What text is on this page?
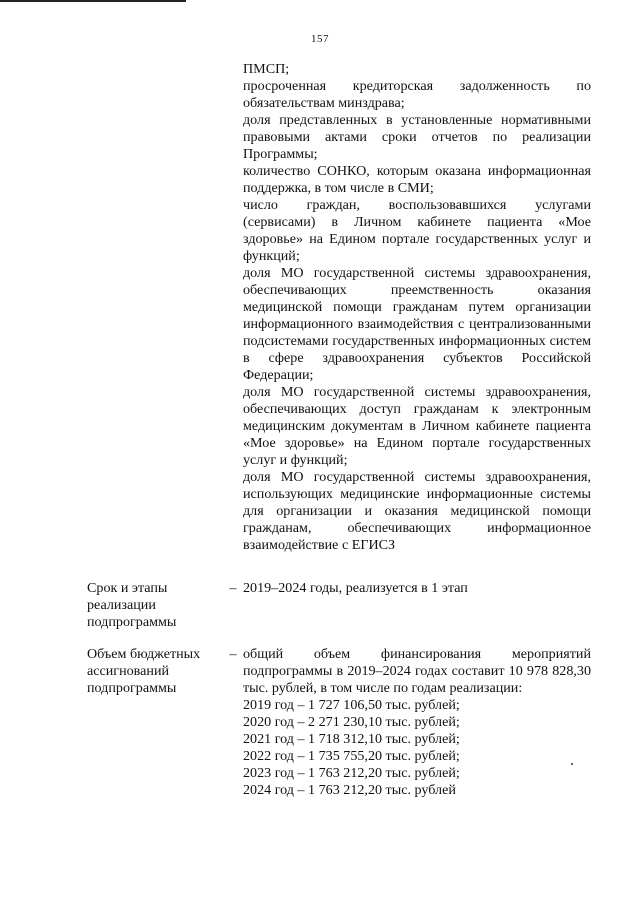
157

ПМСП;

просроченная кредиторская задолженность по обязательствам минздрава;

доля представленных в установленные нормативными правовыми актами сроки отчетов по реализации Программы;

количество СОНКО, которым оказана информационная поддержка, в том числе в СМИ;

число граждан, воспользовавшихся услугами (сервисами) в Личном кабинете пациента «Мое здоровье» на Едином портале государственных услуг и функций;

доля МО государственной системы здравоохранения, обеспечивающих преемственность оказания медицинской помощи гражданам путем организации информационного взаимодействия с централизованными подсистемами государственных информационных систем в сфере здравоохранения субъектов Российской Федерации;

доля МО государственной системы здравоохранения, обеспечивающих доступ гражданам к электронным медицинским документам в Личном кабинете пациента «Мое здоровье» на Едином портале государственных услуг и функций;

доля МО государственной системы здравоохранения, использующих медицинские информационные системы для организации и оказания медицинской помощи гражданам, обеспечивающих информационное взаимодействие с ЕГИСЗ

Срок и этапы реализации подпрограммы
– 2019–2024 годы, реализуется в 1 этап
Объем бюджетных ассигнований подпрограммы
– общий объем финансирования мероприятий подпрограммы в 2019–2024 годах составит 10 978 828,30 тыс. рублей, в том числе по годам реализации:

2019 год – 1 727 106,50 тыс. рублей;

2020 год – 2 271 230,10 тыс. рублей;

2021 год – 1 718 312,10 тыс. рублей;

2022 год – 1 735 755,20 тыс. рублей;

2023 год – 1 763 212,20 тыс. рублей;

2024 год – 1 763 212,20 тыс. рублей
